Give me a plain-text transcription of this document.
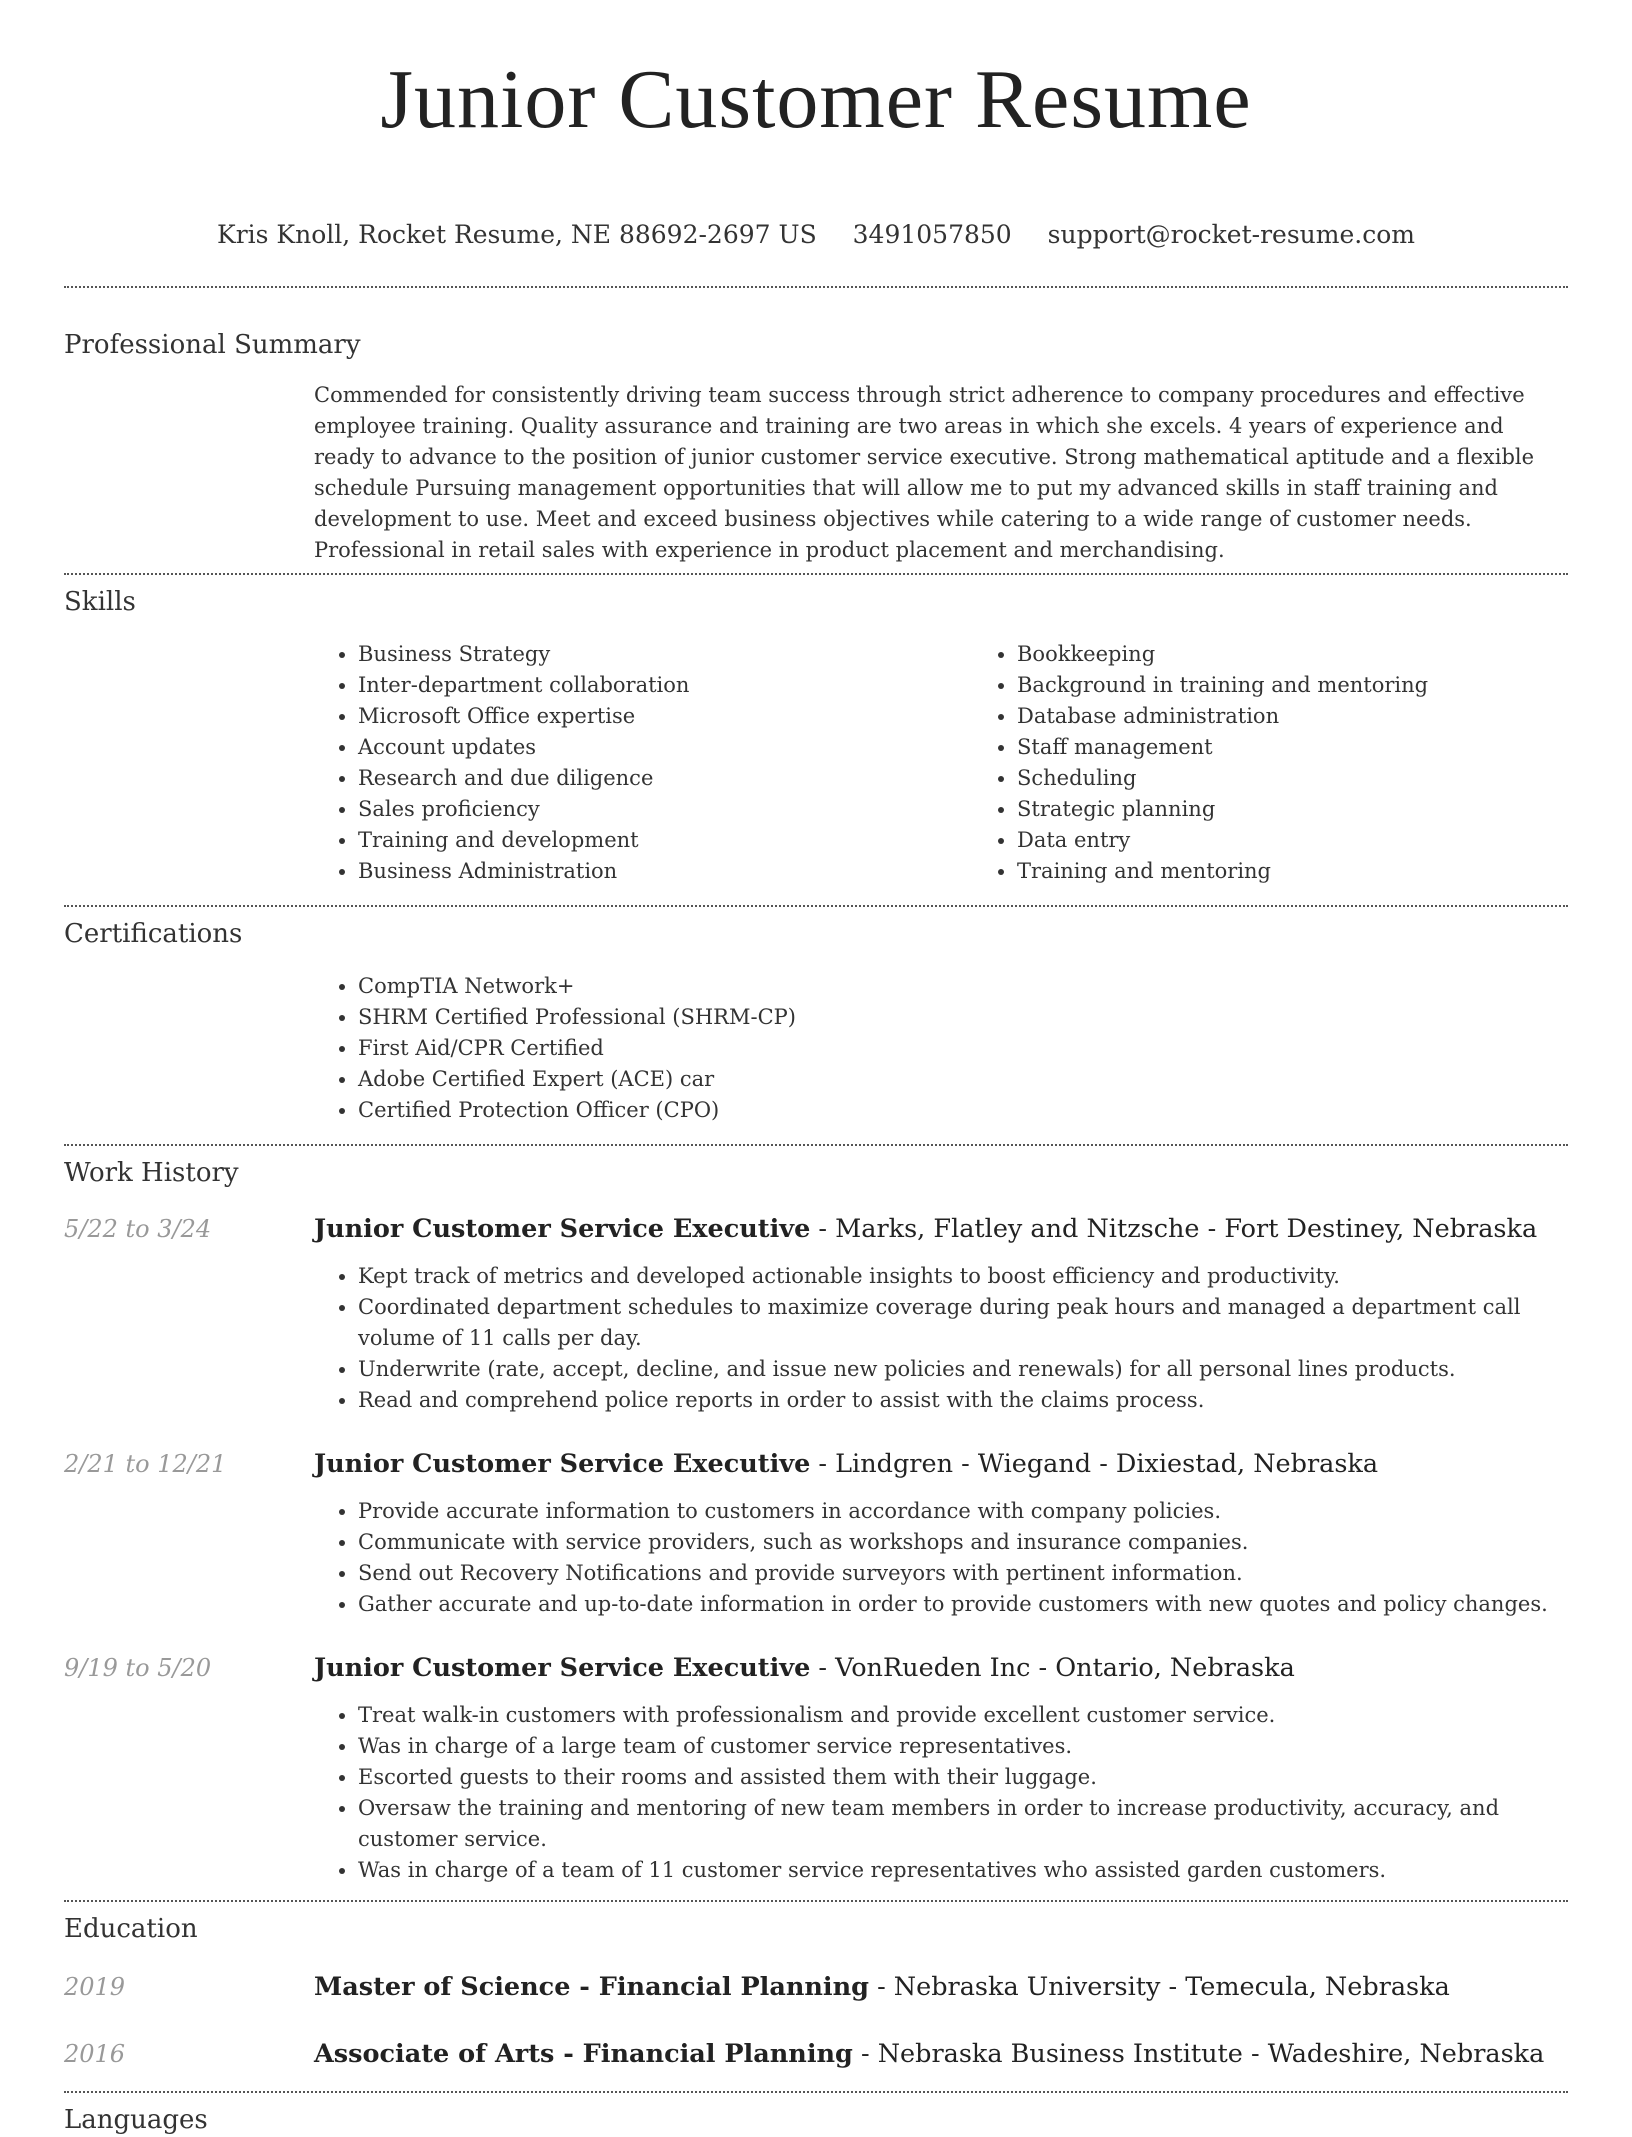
Junior Customer Resume
Kris Knoll, Rocket Resume, NE 88692-2697 US 3491057850 support@rocket-resume.com
Professional Summary

Commended for consistently driving team success through strict adherence to company procedures and effective employee training. Quality assurance and training are two areas in which she excels. 4 years of experience and ready to advance to the position of junior customer service executive. Strong mathematical aptitude and a flexible schedule Pursuing management opportunities that will allow me to put my advanced skills in staff training and development to use. Meet and exceed business objectives while catering to a wide range of customer needs. Professional in retail sales with experience in product placement and merchandising.

Skills
• Business Strategy
• Inter-department collaboration
• Microsoft Office expertise
• Account updates
• Research and due diligence
• Sales proficiency
• Training and development
• Business Administration
• Bookkeeping
• Background in training and mentoring
• Database administration
• Staff management
• Scheduling
• Strategic planning
• Data entry
• Training and mentoring
Certifications
• CompTIA Network+
• SHRM Certified Professional (SHRM-CP)
• First Aid/CPR Certified
• Adobe Certified Expert (ACE) car
• Certified Protection Officer (CPO)
Work History
5/22 to 3/24	Junior Customer Service Executive - Marks, Flatley and Nitzsche - Fort Destiney, Nebraska

• Kept track of metrics and developed actionable insights to boost efficiency and productivity.
• Coordinated department schedules to maximize coverage during peak hours and managed a department call volume of 11 calls per day.
• Underwrite (rate, accept, decline, and issue new policies and renewals) for all personal lines products.
• Read and comprehend police reports in order to assist with the claims process.
2/21 to 12/21	Junior Customer Service Executive - Lindgren - Wiegand - Dixiestad, Nebraska

• Provide accurate information to customers in accordance with company policies.
• Communicate with service providers, such as workshops and insurance companies.
• Send out Recovery Notifications and provide surveyors with pertinent information.
• Gather accurate and up-to-date information in order to provide customers with new quotes and policy changes.
9/19 to 5/20	Junior Customer Service Executive - VonRueden Inc - Ontario, Nebraska

• Treat walk-in customers with professionalism and provide excellent customer service.
• Was in charge of a large team of customer service representatives.
• Escorted guests to their rooms and assisted them with their luggage.
• Oversaw the training and mentoring of new team members in order to increase productivity, accuracy, and customer service.
• Was in charge of a team of 11 customer service representatives who assisted garden customers.
Education
2019	Master of Science - Financial Planning - Nebraska University - Temecula, Nebraska

2016	Associate of Arts - Financial Planning - Nebraska Business Institute - Wadeshire, Nebraska

Languages
